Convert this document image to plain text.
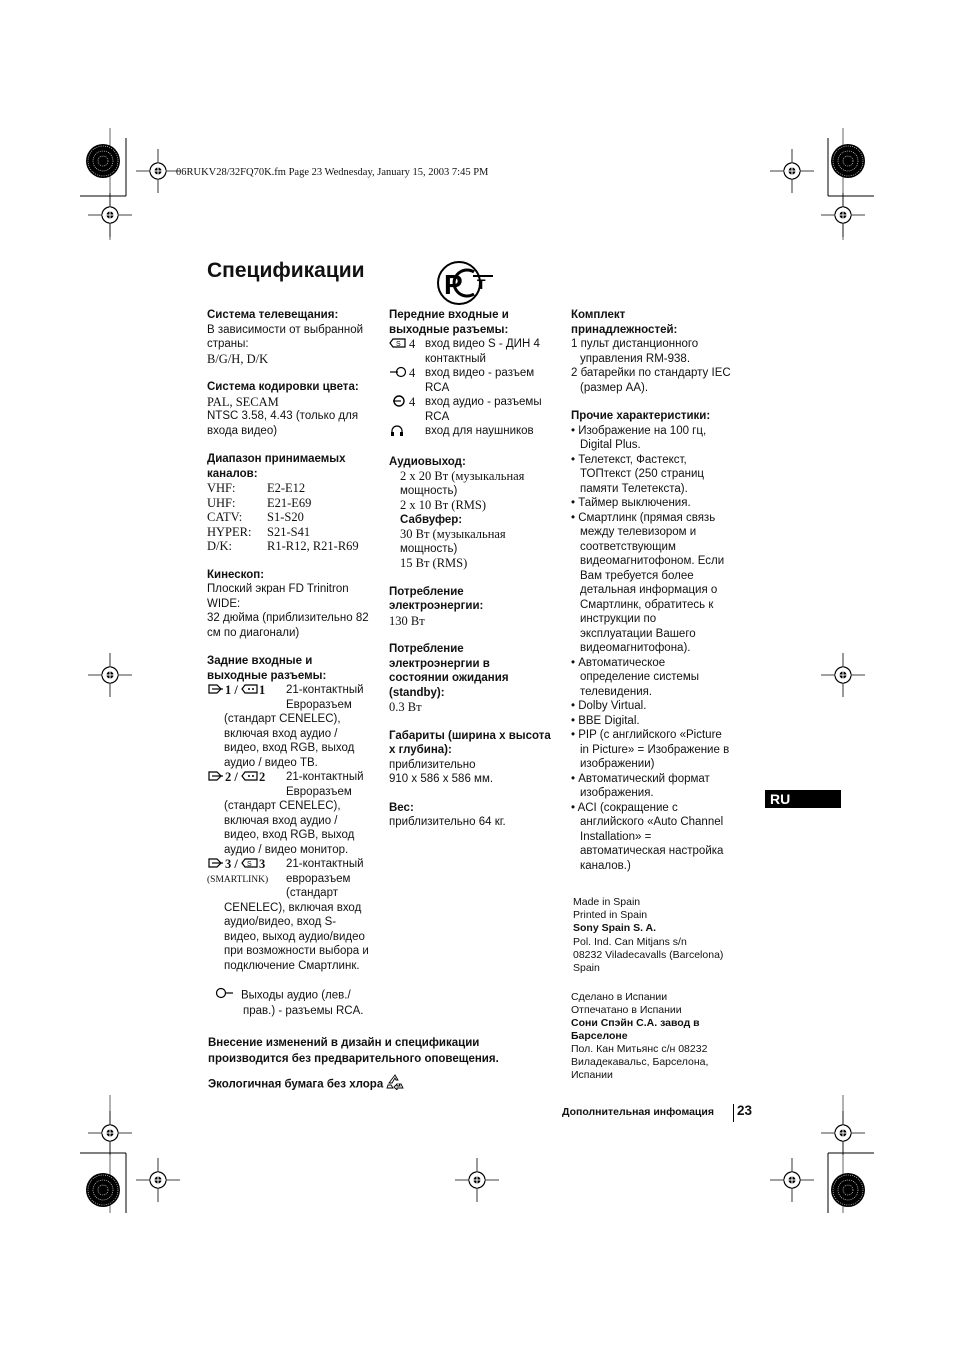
06RUKV28/32FQ70K.fm Page 23 Wednesday, January 15, 2003 7:45 PM
Спецификации	P T
Система телевещания:
В зависимости от выбранной
страны:
B/G/H, D/K
Система кодировки цвета:
PAL, SECAM
NTSC 3.58, 4.43 (только для
входа видео)
Диапазон принимаемых
каналов:
VHF:	E2-E12
UHF:	E21-E69
CATV:	S1-S20
HYPER:	S21-S41
D/K:	R1-R12, R21-R69
Кинескоп:
Плоский экран FD Trinitron
WIDE:
32 дюйма (приблизительно 82
см по диагонали)
Задние входные и
выходные разъемы:
1 / 1	21-контактный
Евроразъем
(стандарт CENELEC),
включая вход аудио /
видео, вход RGB, выход
аудио / видео ТВ.
2 / 2	21-контактный
Евроразъем
(стандарт CENELEC),
включая вход аудио /
видео, вход RGB, выход
аудио / видео монитор.
3 / S 3
(SMARTLINK)
21-контактный
евроразъем
(стандарт
CENELEC), включая вход
аудио/видео, вход S-
видео, выход аудио/видео
при возможности выбора и
подключение Смартлинк.
Выходы аудио (лев./
прав.) - разъемы RCA.
Передние входные и
выходные разъемы:
S 4 вход видео S - ДИН 4
контактный
4 вход видео - разъем
RCA
4 вход аудио - разъемы
RCA
вход для наушников
Аудиовыход:
2 x 20 Вт (музыкальная
мощность)
2 x 10 Вт (RMS)
Сабвуфер:
30 Вт (музыкальная
мощность)
15 Вт (RMS)
Потребление
электроэнергии:
130 Вт
Потребление
электроэнергии в
состоянии ожидания
(standby):
0.3 Вт
Габариты (ширина x высота
x глубина):
приблизительно
910 x 586 x 586 мм.
Вес:
приблизительно 64 кг.
Комплект
принадлежностей:
1 пульт дистанционного
управления RM-938.
2 батарейки по стандарту IEC
(размер AA).
Прочие характеристики:
• Изображение на 100 гц,
Digital Plus.
• Телетекст, Фастекст,
ТОПтекст (250 страниц
памяти Телетекста).
• Таймер выключения.
• Смартлинк (прямая связь
между телевизором и
соответствующим
видеомагнитофоном. Если
Вам требуется более
детальная информация о
Смартлинк, обратитесь к
инструкции по
эксплуатации Вашего
видеомагнитофона).
• Автоматическое
определение системы
телевидения.
• Dolby Virtual.
• BBE Digital.
• PIP (с английского «Picture
in Picture» = Изображение в
изображении)
• Автоматический формат
изображения.
• ACI (сокращение с
английского «Auto Channel
Installation» =
автоматическая настройка
каналов.)
Made in Spain
Printed in Spain
Sony Spain S. A.
Pol. Ind. Can Mitjans s/n
08232 Viladecavalls (Barcelona)
Spain
Сделано в Испании
Отпечатано в Испании
Сони Спэйн С.А. завод в
Барселоне
Пол. Кан Митьянс с/н 08232
Виладекавальс, Барселона,
Испании
RU
Внесение изменений в дизайн и спецификации
производится без предварительного оповещения.
Экологичная бумага без хлора
Дополнительная инфомация 23
